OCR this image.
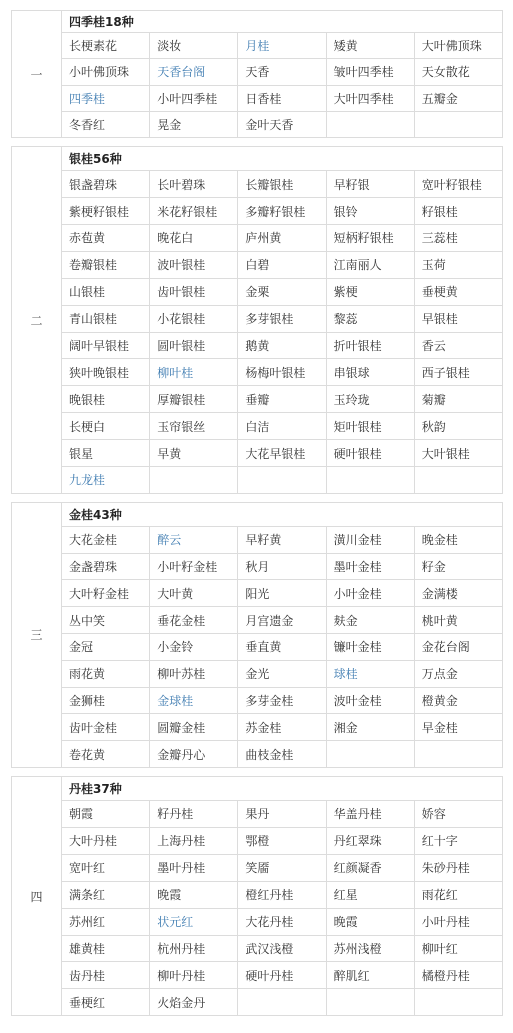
一	四季桂18种				
	长梗素花	淡妆	月桂	矮黄	大叶佛顶珠
	小叶佛顶珠	天香台阁	天香	皱叶四季桂	天女散花
	四季桂	小叶四季桂	日香桂	大叶四季桂	五瓣金
	冬香红	晃金	金叶天香		

二	银桂56种				
	银盏碧珠	长叶碧珠	长瓣银桂	早籽银	宽叶籽银桂
	紫梗籽银桂	米花籽银桂	多瓣籽银桂	银铃	籽银桂
	赤苞黄	晚花白	庐州黄	短柄籽银桂	三蕊桂
	卷瓣银桂	波叶银桂	白碧	江南丽人	玉荷
	山银桂	齿叶银桂	金栗	紫梗	垂梗黄
	青山银桂	小花银桂	多芽银桂	黎蕊	早银桂
	阔叶早银桂	圆叶银桂	鹅黄	折叶银桂	香云
	狭叶晚银桂	柳叶桂	杨梅叶银桂	串银球	西子银桂
	晚银桂	厚瓣银桂	垂瓣	玉玲珑	菊瓣
	长梗白	玉帘银丝	白洁	矩叶银桂	秋韵
	银星	早黄	大花早银桂	硬叶银桂	大叶银桂
	九龙桂				

三	金桂43种				
	大花金桂	醉云	早籽黄	潢川金桂	晚金桂
	金盏碧珠	小叶籽金桂	秋月	墨叶金桂	籽金
	大叶籽金桂	大叶黄	阳光	小叶金桂	金满楼
	丛中笑	垂花金桂	月宫遗金	麸金	桃叶黄
	金冠	小金铃	垂直黄	镰叶金桂	金花台阁
	雨花黄	柳叶苏桂	金光	球桂	万点金
	金狮桂	金球桂	多芽金桂	波叶金桂	橙黄金
	齿叶金桂	圆瓣金桂	苏金桂	湘金	早金桂
	卷花黄	金瓣丹心	曲枝金桂		

四	丹桂37种				
	朝霞	籽丹桂	果丹	华盖丹桂	娇容
	大叶丹桂	上海丹桂	鄂橙	丹红翠珠	红十字
	宽叶红	墨叶丹桂	笑靥	红颜凝香	朱砂丹桂
	满条红	晚霞	橙红丹桂	红星	雨花红
	苏州红	状元红	大花丹桂	晚霞	小叶丹桂
	雄黄桂	杭州丹桂	武汉浅橙	苏州浅橙	柳叶红
	齿丹桂	柳叶丹桂	硬叶丹桂	醉肌红	橘橙丹桂
	垂梗红	火焰金丹			
